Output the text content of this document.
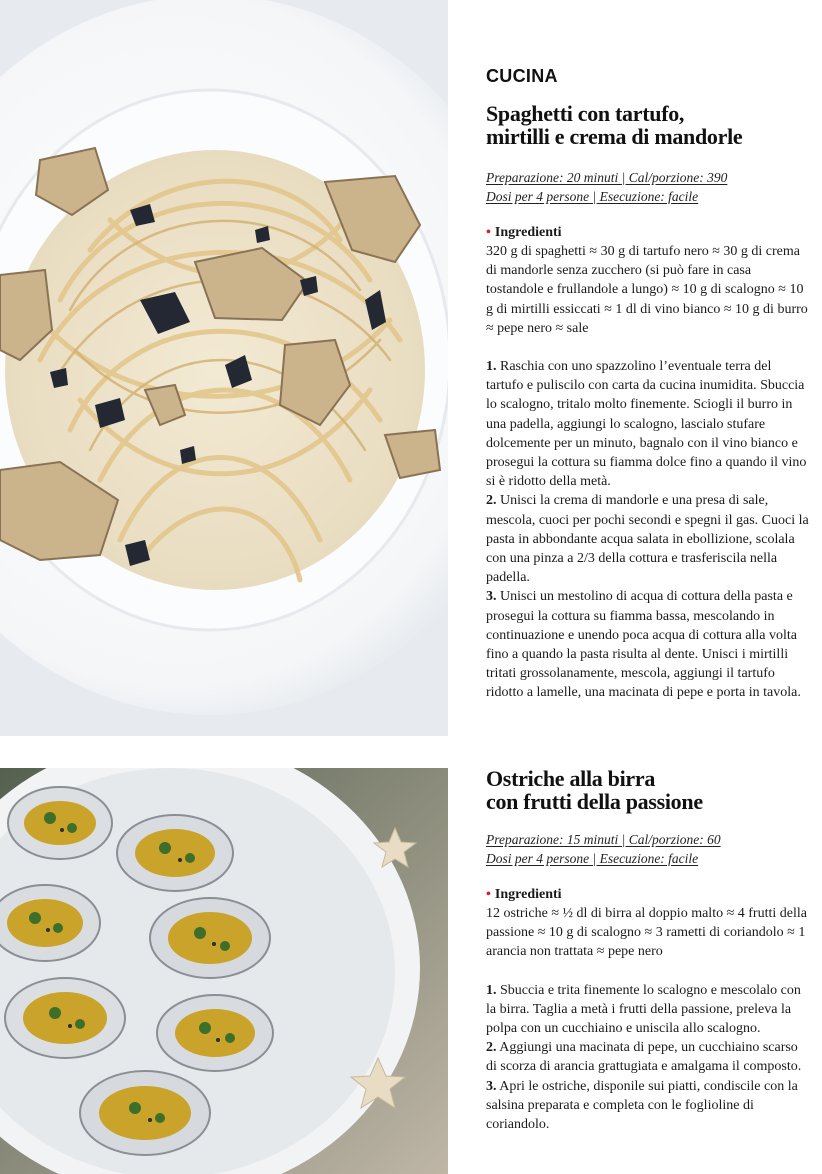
CUCINA
Spaghetti con tartufo,
mirtilli e crema di mandorle
Preparazione: 20 minuti | Cal/porzione: 390
Dosi per 4 persone | Esecuzione: facile
• Ingredienti

320 g di spaghetti ≈ 30 g di tartufo nero ≈ 30 g di crema di mandorle senza zucchero (si può fare in casa tostandole e frullandole a lungo) ≈ 10 g di scalogno ≈ 10 g di mirtilli essiccati ≈ 1 dl di vino bianco ≈ 10 g di burro ≈ pepe nero ≈ sale

1. Raschia con uno spazzolino l’eventuale terra del tartufo e puliscilo con carta da cucina inumidita. Sbuccia lo scalogno, tritalo molto finemente. Sciogli il burro in una padella, aggiungi lo scalogno, lascialo stufare dolcemente per un minuto, bagnalo con il vino bianco e prosegui la cottura su fiamma dolce fino a quando il vino si è ridotto della metà.

2. Unisci la crema di mandorle e una presa di sale, mescola, cuoci per pochi secondi e spegni il gas. Cuoci la pasta in abbondante acqua salata in ebollizione, scolala con una pinza a 2/3 della cottura e trasferiscila nella padella.

3. Unisci un mestolino di acqua di cottura della pasta e prosegui la cottura su fiamma bassa, mescolando in continuazione e unendo poca acqua di cottura alla volta fino a quando la pasta risulta al dente. Unisci i mirtilli tritati grossolanamente, mescola, aggiungi il tartufo ridotto a lamelle, una macinata di pepe e porta in tavola.

Ostriche alla birra
con frutti della passione
Preparazione: 15 minuti | Cal/porzione: 60
Dosi per 4 persone | Esecuzione: facile
• Ingredienti

12 ostriche ≈ ½ dl di birra al doppio malto ≈ 4 frutti della passione ≈ 10 g di scalogno ≈ 3 rametti di coriandolo ≈ 1 arancia non trattata ≈ pepe nero

1. Sbuccia e trita finemente lo scalogno e mescolalo con la birra. Taglia a metà i frutti della passione, preleva la polpa con un cucchiaino e uniscila allo scalogno.

2. Aggiungi una macinata di pepe, un cucchiaino scarso di scorza di arancia grattugiata e amalgama il composto.

3. Apri le ostriche, disponile sui piatti, condiscile con la salsina preparata e completa con le foglioline di coriandolo.
